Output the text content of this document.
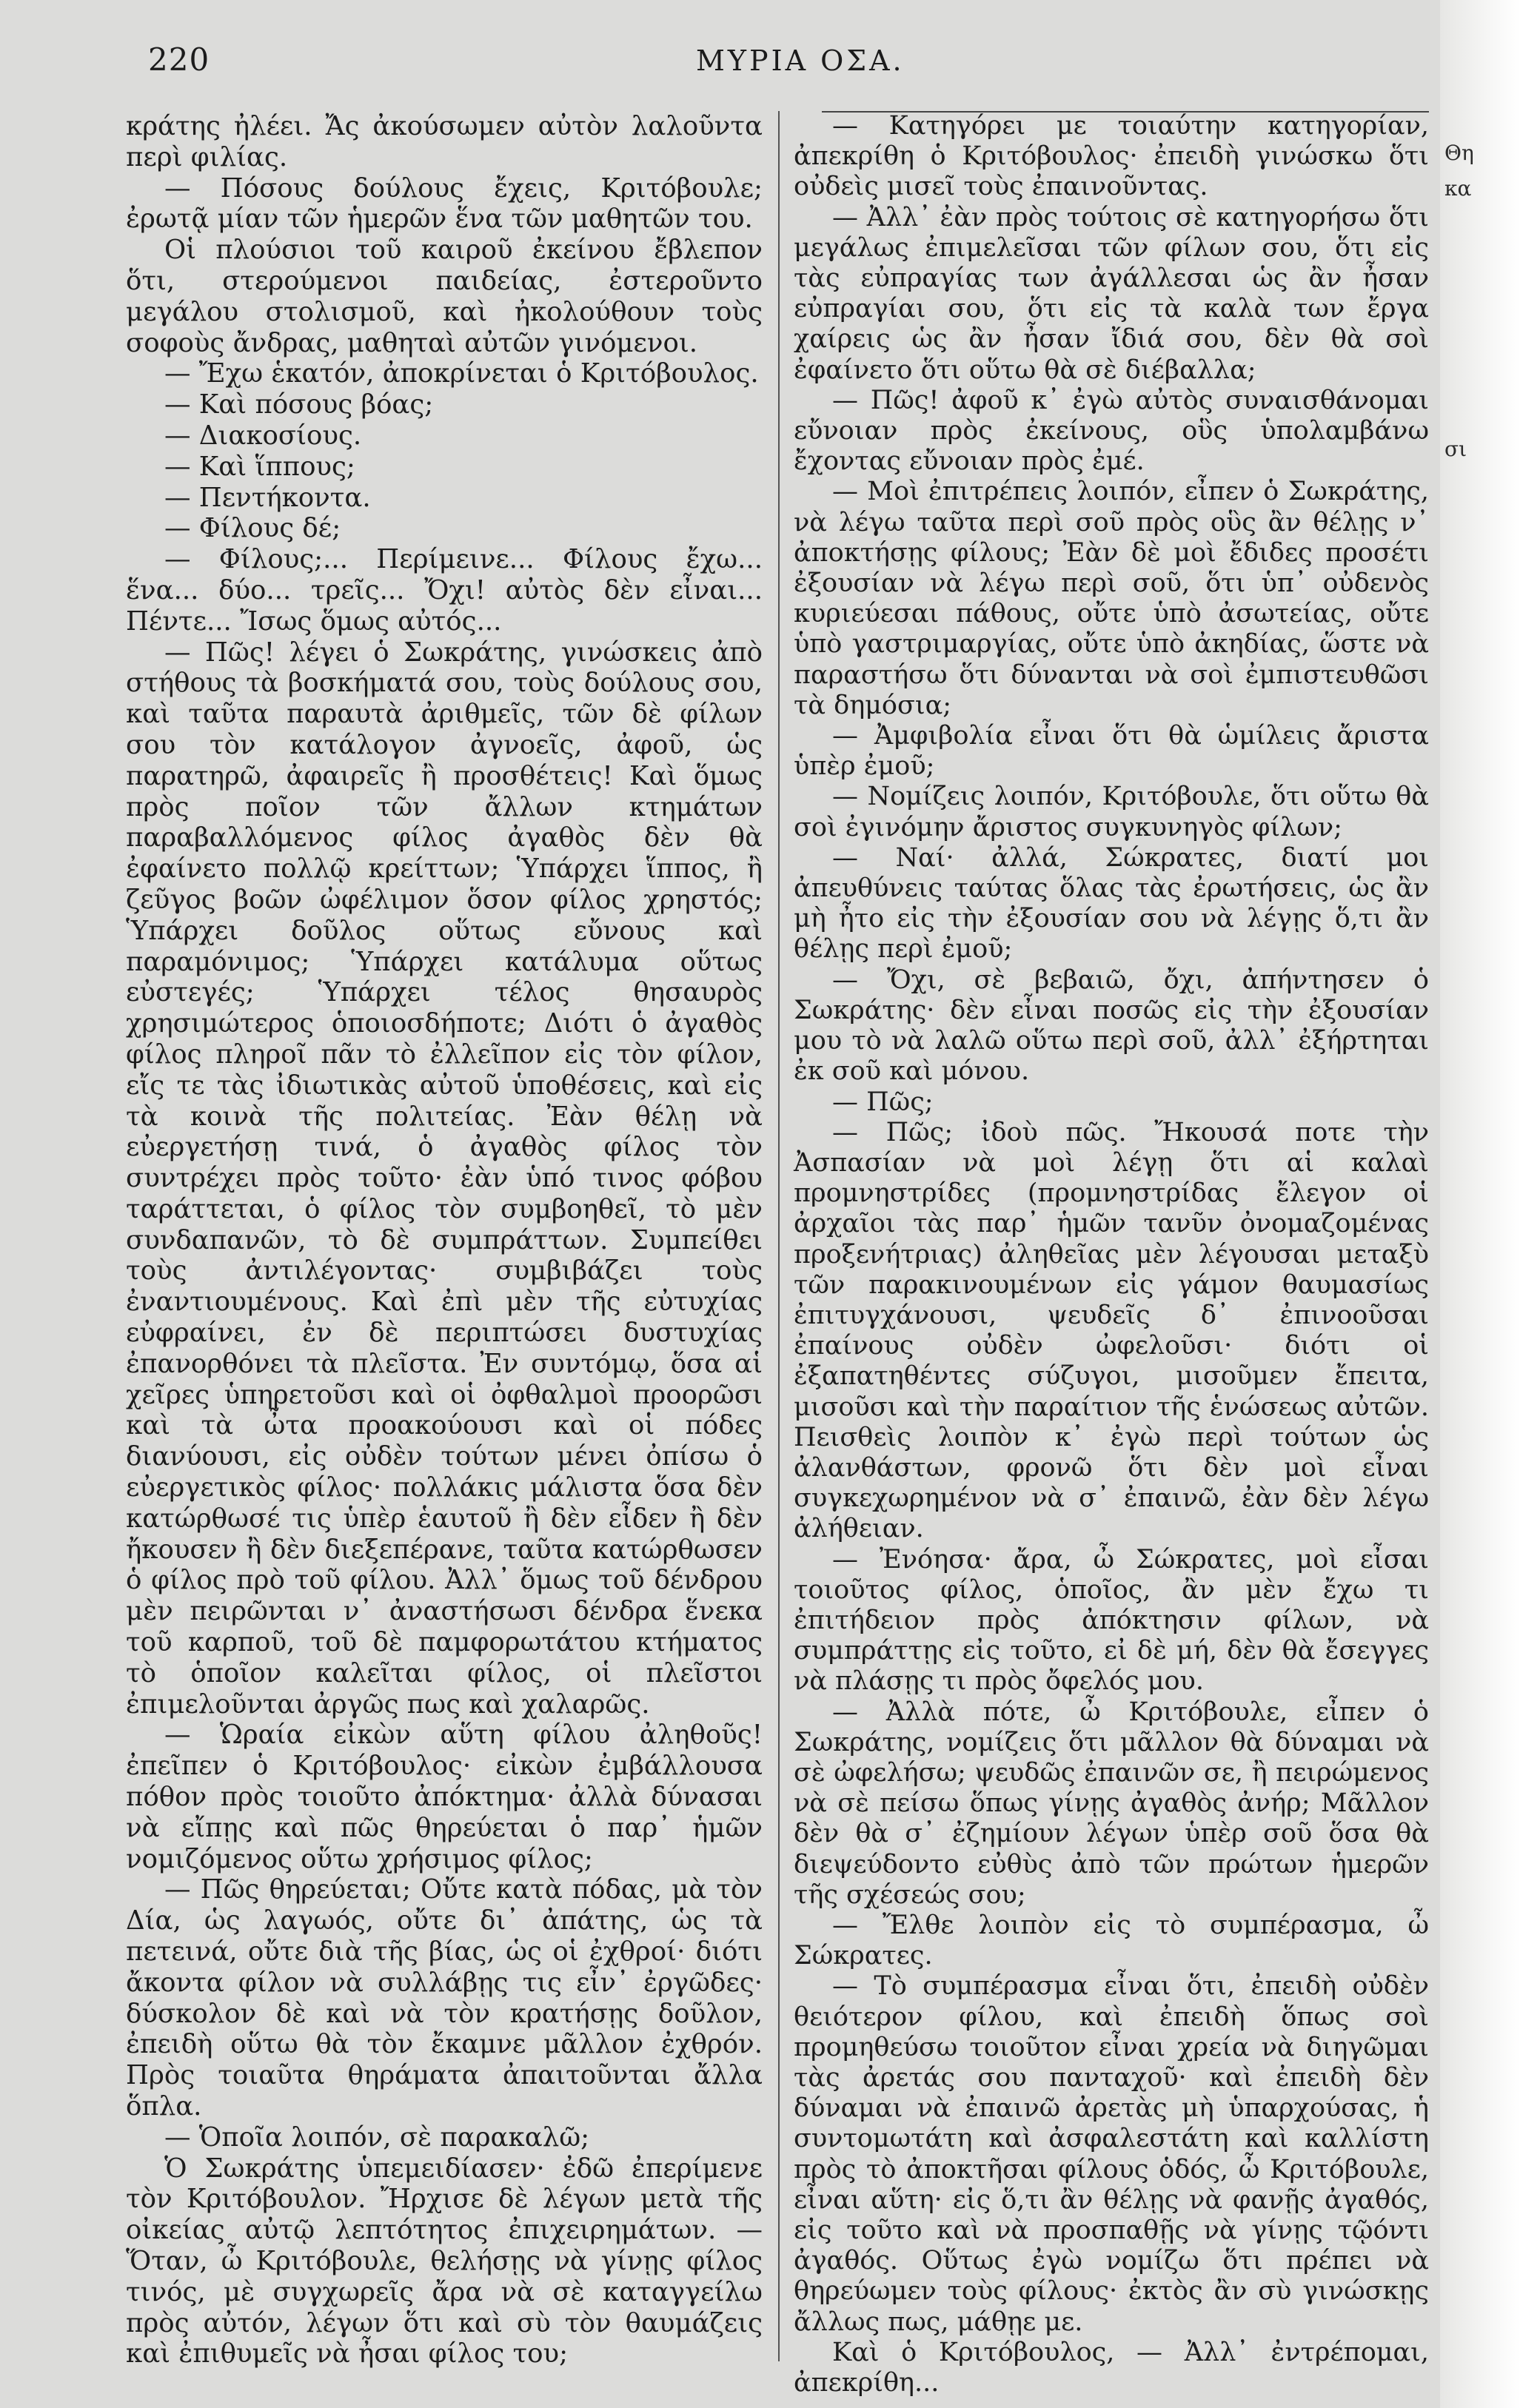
220	ΜΥΡΙΑ ΟΣΑ.

κράτης ἠλέει. Ἄς ἀκούσωμεν αὐτὸν λαλοῦντα περὶ φιλίας.

— Πόσους δούλους ἔχεις, Κριτόβουλε; ἐρωτᾷ μίαν τῶν ἡμερῶν ἕνα τῶν μαθητῶν του.

Οἱ πλούσιοι τοῦ καιροῦ ἐκείνου ἔβλεπον ὅτι, στερούμενοι παιδείας, ἐστεροῦντο μεγάλου στολισμοῦ, καὶ ἠκολούθουν τοὺς σοφοὺς ἄνδρας, μαθηταὶ αὐτῶν γινόμενοι.

— Ἔχω ἑκατόν, ἀποκρίνεται ὁ Κριτόβουλος.

— Καὶ πόσους βόας;

— Διακοσίους.

— Καὶ ἵππους;

— Πεντήκοντα.

— Φίλους δέ;

— Φίλους;... Περίμεινε... Φίλους ἔχω... ἕνα... δύο... τρεῖς... Ὄχι! αὐτὸς δὲν εἶναι... Πέντε... Ἴσως ὅμως αὐτός...

— Πῶς! λέγει ὁ Σωκράτης, γινώσκεις ἀπὸ στήθους τὰ βοσκήματά σου, τοὺς δούλους σου, καὶ ταῦτα παραυτὰ ἀριθμεῖς, τῶν δὲ φίλων σου τὸν κατάλογον ἀγνοεῖς, ἀφοῦ, ὡς παρατηρῶ, ἀφαιρεῖς ἢ προσθέτεις! Καὶ ὅμως πρὸς ποῖον τῶν ἄλλων κτημάτων παραβαλλόμενος φίλος ἀγαθὸς δὲν θὰ ἐφαίνετο πολλῷ κρείττων; Ὑπάρχει ἵππος, ἢ ζεῦγος βοῶν ὠφέλιμον ὅσον φίλος χρηστός; Ὑπάρχει δοῦλος οὕτως εὔνους καὶ παραμόνιμος; Ὑπάρχει κατάλυμα οὕτως εὐστεγές; Ὑπάρχει τέλος θησαυρὸς χρησιμώτερος ὁποιοσδήποτε; Διότι ὁ ἀγαθὸς φίλος πληροῖ πᾶν τὸ ἐλλεῖπον εἰς τὸν φίλον, εἴς τε τὰς ἰδιωτικὰς αὐτοῦ ὑποθέσεις, καὶ εἰς τὰ κοινὰ τῆς πολιτείας. Ἐὰν θέλῃ νὰ εὐεργετήσῃ τινά, ὁ ἀγαθὸς φίλος τὸν συντρέχει πρὸς τοῦτο· ἐὰν ὑπό τινος φόβου ταράττεται, ὁ φίλος τὸν συμβοηθεῖ, τὸ μὲν συνδαπανῶν, τὸ δὲ συμπράττων. Συμπείθει τοὺς ἀντιλέγοντας· συμβιβάζει τοὺς ἐναντιουμένους. Καὶ ἐπὶ μὲν τῆς εὐτυχίας εὐφραίνει, ἐν δὲ περιπτώσει δυστυχίας ἐπανορθόνει τὰ πλεῖστα. Ἐν συντόμῳ, ὅσα αἱ χεῖρες ὑπηρετοῦσι καὶ οἱ ὀφθαλμοὶ προορῶσι καὶ τὰ ὦτα προακούουσι καὶ οἱ πόδες διανύουσι, εἰς οὐδὲν τούτων μένει ὀπίσω ὁ εὐεργετικὸς φίλος· πολλάκις μάλιστα ὅσα δὲν κατώρθωσέ τις ὑπὲρ ἑαυτοῦ ἢ δὲν εἶδεν ἢ δὲν ἤκουσεν ἢ δὲν διεξεπέρανε, ταῦτα κατώρθωσεν ὁ φίλος πρὸ τοῦ φίλου. Ἀλλ᾽ ὅμως τοῦ δένδρου μὲν πειρῶνται ν᾽ ἀναστήσωσι δένδρα ἕνεκα τοῦ καρποῦ, τοῦ δὲ παμφορωτάτου κτήματος τὸ ὁποῖον καλεῖται φίλος, οἱ πλεῖστοι ἐπιμελοῦνται ἀργῶς πως καὶ χαλαρῶς.

— Ὡραία εἰκὼν αὕτη φίλου ἀληθοῦς! ἐπεῖπεν ὁ Κριτόβουλος· εἰκὼν ἐμβάλλουσα πόθον πρὸς τοιοῦτο ἀπόκτημα· ἀλλὰ δύνασαι νὰ εἴπῃς καὶ πῶς θηρεύεται ὁ παρ᾽ ἡμῶν νομιζόμενος οὕτω χρήσιμος φίλος;

— Πῶς θηρεύεται; Οὔτε κατὰ πόδας, μὰ τὸν Δία, ὡς λαγωός, οὔτε δι᾽ ἀπάτης, ὡς τὰ πετεινά, οὔτε διὰ τῆς βίας, ὡς οἱ ἐχθροί· διότι ἄκοντα φίλον νὰ συλλάβῃς τις εἶν᾽ ἐργῶδες· δύσκολον δὲ καὶ νὰ τὸν κρατήσῃς δοῦλον, ἐπειδὴ οὕτω θὰ τὸν ἔκαμνε μᾶλλον ἐχθρόν. Πρὸς τοιαῦτα θηράματα ἀπαιτοῦνται ἄλλα ὅπλα.

— Ὁποῖα λοιπόν, σὲ παρακαλῶ;

Ὁ Σωκράτης ὑπεμειδίασεν· ἐδῶ ἐπερίμενε τὸν Κριτόβουλον. Ἤρχισε δὲ λέγων μετὰ τῆς οἰκείας αὐτῷ λεπτότητος ἐπιχειρημάτων. — Ὅταν, ὦ Κριτόβουλε, θελήσῃς νὰ γίνῃς φίλος τινός, μὲ συγχωρεῖς ἄρα νὰ σὲ καταγγείλω πρὸς αὐτόν, λέγων ὅτι καὶ σὺ τὸν θαυμάζεις καὶ ἐπιθυμεῖς νὰ ἦσαι φίλος του;

— Κατηγόρει με τοιαύτην κατηγορίαν, ἀπεκρίθη ὁ Κριτόβουλος· ἐπειδὴ γινώσκω ὅτι οὐδεὶς μισεῖ τοὺς ἐπαινοῦντας.

— Ἀλλ᾽ ἐὰν πρὸς τούτοις σὲ κατηγορήσω ὅτι μεγάλως ἐπιμελεῖσαι τῶν φίλων σου, ὅτι εἰς τὰς εὐπραγίας των ἀγάλλεσαι ὡς ἂν ἦσαν εὐπραγίαι σου, ὅτι εἰς τὰ καλὰ των ἔργα χαίρεις ὡς ἂν ἦσαν ἴδιά σου, δὲν θὰ σοὶ ἐφαίνετο ὅτι οὕτω θὰ σὲ διέβαλλα;

— Πῶς! ἀφοῦ κ᾽ ἐγὼ αὐτὸς συναισθάνομαι εὔνοιαν πρὸς ἐκείνους, οὓς ὑπολαμβάνω ἔχοντας εὔνοιαν πρὸς ἐμέ.

— Μοὶ ἐπιτρέπεις λοιπόν, εἶπεν ὁ Σωκράτης, νὰ λέγω ταῦτα περὶ σοῦ πρὸς οὓς ἂν θέλῃς ν᾽ ἀποκτήσῃς φίλους; Ἐὰν δὲ μοὶ ἔδιδες προσέτι ἐξουσίαν νὰ λέγω περὶ σοῦ, ὅτι ὑπ᾽ οὐδενὸς κυριεύεσαι πάθους, οὔτε ὑπὸ ἀσωτείας, οὔτε ὑπὸ γαστριμαργίας, οὔτε ὑπὸ ἀκηδίας, ὥστε νὰ παραστήσω ὅτι δύνανται νὰ σοὶ ἐμπιστευθῶσι τὰ δημόσια;

— Ἀμφιβολία εἶναι ὅτι θὰ ὡμίλεις ἄριστα ὑπὲρ ἐμοῦ;

— Νομίζεις λοιπόν, Κριτόβουλε, ὅτι οὕτω θὰ σοὶ ἐγινόμην ἄριστος συγκυνηγὸς φίλων;

— Ναί· ἀλλά, Σώκρατες, διατί μοι ἀπευθύνεις ταύτας ὅλας τὰς ἐρωτήσεις, ὡς ἂν μὴ ἦτο εἰς τὴν ἐξουσίαν σου νὰ λέγῃς ὅ,τι ἂν θέλῃς περὶ ἐμοῦ;

— Ὄχι, σὲ βεβαιῶ, ὄχι, ἀπήντησεν ὁ Σωκράτης· δὲν εἶναι ποσῶς εἰς τὴν ἐξουσίαν μου τὸ νὰ λαλῶ οὕτω περὶ σοῦ, ἀλλ᾽ ἐξήρτηται ἐκ σοῦ καὶ μόνου.

— Πῶς;

— Πῶς; ἰδοὺ πῶς. Ἤκουσά ποτε τὴν Ἀσπασίαν νὰ μοὶ λέγῃ ὅτι αἱ καλαὶ προμνηστρίδες (προμνηστρίδας ἔλεγον οἱ ἀρχαῖοι τὰς παρ᾽ ἡμῶν τανῦν ὀνομαζομένας προξενήτριας) ἀληθεῖας μὲν λέγουσαι μεταξὺ τῶν παρακινουμένων εἰς γάμον θαυμασίως ἐπιτυγχάνουσι, ψευδεῖς δ᾽ ἐπινοοῦσαι ἐπαίνους οὐδὲν ὠφελοῦσι· διότι οἱ ἐξαπατηθέντες σύζυγοι, μισοῦμεν ἔπειτα, μισοῦσι καὶ τὴν παραίτιον τῆς ἑνώσεως αὐτῶν. Πεισθεὶς λοιπὸν κ᾽ ἐγὼ περὶ τούτων ὡς ἀλανθάστων, φρονῶ ὅτι δὲν μοὶ εἶναι συγκεχωρημένον νὰ σ᾽ ἐπαινῶ, ἐὰν δὲν λέγω ἀλήθειαν.

— Ἐνόησα· ἄρα, ὦ Σώκρατες, μοὶ εἶσαι τοιοῦτος φίλος, ὁποῖος, ἂν μὲν ἔχω τι ἐπιτήδειον πρὸς ἀπόκτησιν φίλων, νὰ συμπράττῃς εἰς τοῦτο, εἰ δὲ μή, δὲν θὰ ἔσεγγες νὰ πλάσῃς τι πρὸς ὄφελός μου.

— Ἀλλὰ πότε, ὦ Κριτόβουλε, εἶπεν ὁ Σωκράτης, νομίζεις ὅτι μᾶλλον θὰ δύναμαι νὰ σὲ ὠφελήσω; ψευδῶς ἐπαινῶν σε, ἢ πειρώμενος νὰ σὲ πείσω ὅπως γίνῃς ἀγαθὸς ἀνήρ; Μᾶλλον δὲν θὰ σ᾽ ἐζημίουν λέγων ὑπὲρ σοῦ ὅσα θὰ διεψεύδοντο εὐθὺς ἀπὸ τῶν πρώτων ἡμερῶν τῆς σχέσεώς σου;

— Ἔλθε λοιπὸν εἰς τὸ συμπέρασμα, ὦ Σώκρατες.

— Τὸ συμπέρασμα εἶναι ὅτι, ἐπειδὴ οὐδὲν θειότερον φίλου, καὶ ἐπειδὴ ὅπως σοὶ προμηθεύσω τοιοῦτον εἶναι χρεία νὰ διηγῶμαι τὰς ἀρετάς σου πανταχοῦ· καὶ ἐπειδὴ δὲν δύναμαι νὰ ἐπαινῶ ἀρετὰς μὴ ὑπαρχούσας, ἡ συντομωτάτη καὶ ἀσφαλεστάτη καὶ καλλίστη πρὸς τὸ ἀποκτῆσαι φίλους ὁδός, ὦ Κριτόβουλε, εἶναι αὕτη· εἰς ὅ,τι ἂν θέλῃς νὰ φανῇς ἀγαθός, εἰς τοῦτο καὶ νὰ προσπαθῇς νὰ γίνῃς τῷόντι ἀγαθός. Οὕτως ἐγὼ νομίζω ὅτι πρέπει νὰ θηρεύωμεν τοὺς φίλους· ἐκτὸς ἂν σὺ γινώσκῃς ἄλλως πως, μάθῃε με.

Καὶ ὁ Κριτόβουλος, — Ἀλλ᾽ ἐντρέπομαι, ἀπεκρίθη...

Θη

κα

σι
